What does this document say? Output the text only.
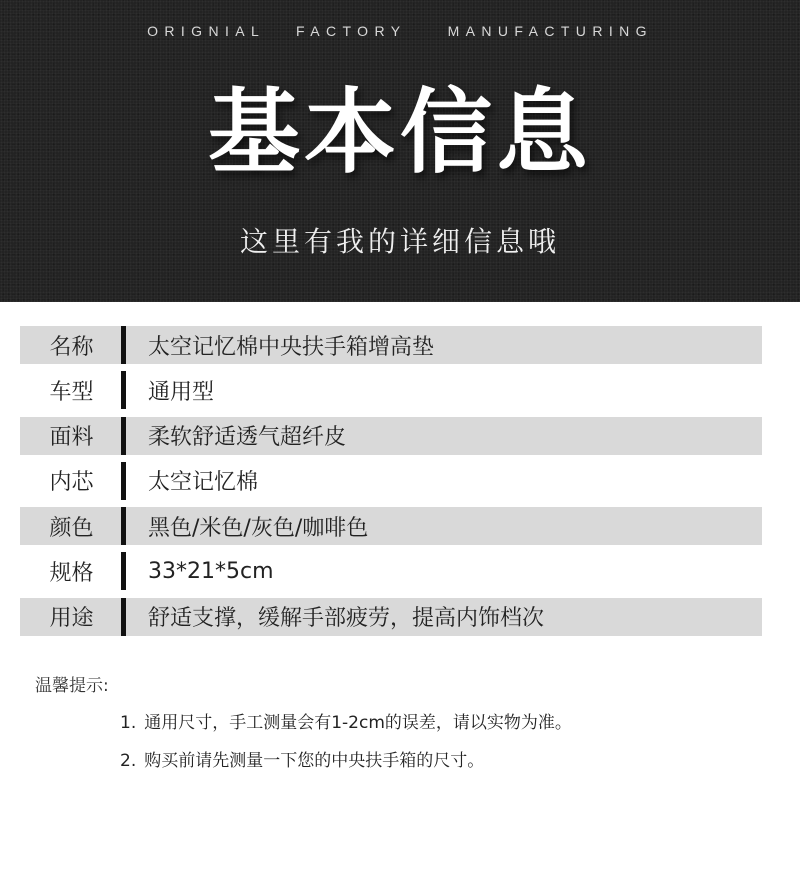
ORIGNIAL   FACTORY    MANUFACTURING
基本信息
这里有我的详细信息哦
名称	太空记忆棉中央扶手箱增高垫
车型	通用型
面料	柔软舒适透气超纤皮
内芯	太空记忆棉
颜色	黑色/米色/灰色/咖啡色
规格	33*21*5cm
用途	舒适支撑，缓解手部疲劳，提高内饰档次
温馨提示:
1. 通用尺寸，手工测量会有1-2cm的误差，请以实物为准。
2. 购买前请先测量一下您的中央扶手箱的尺寸。
